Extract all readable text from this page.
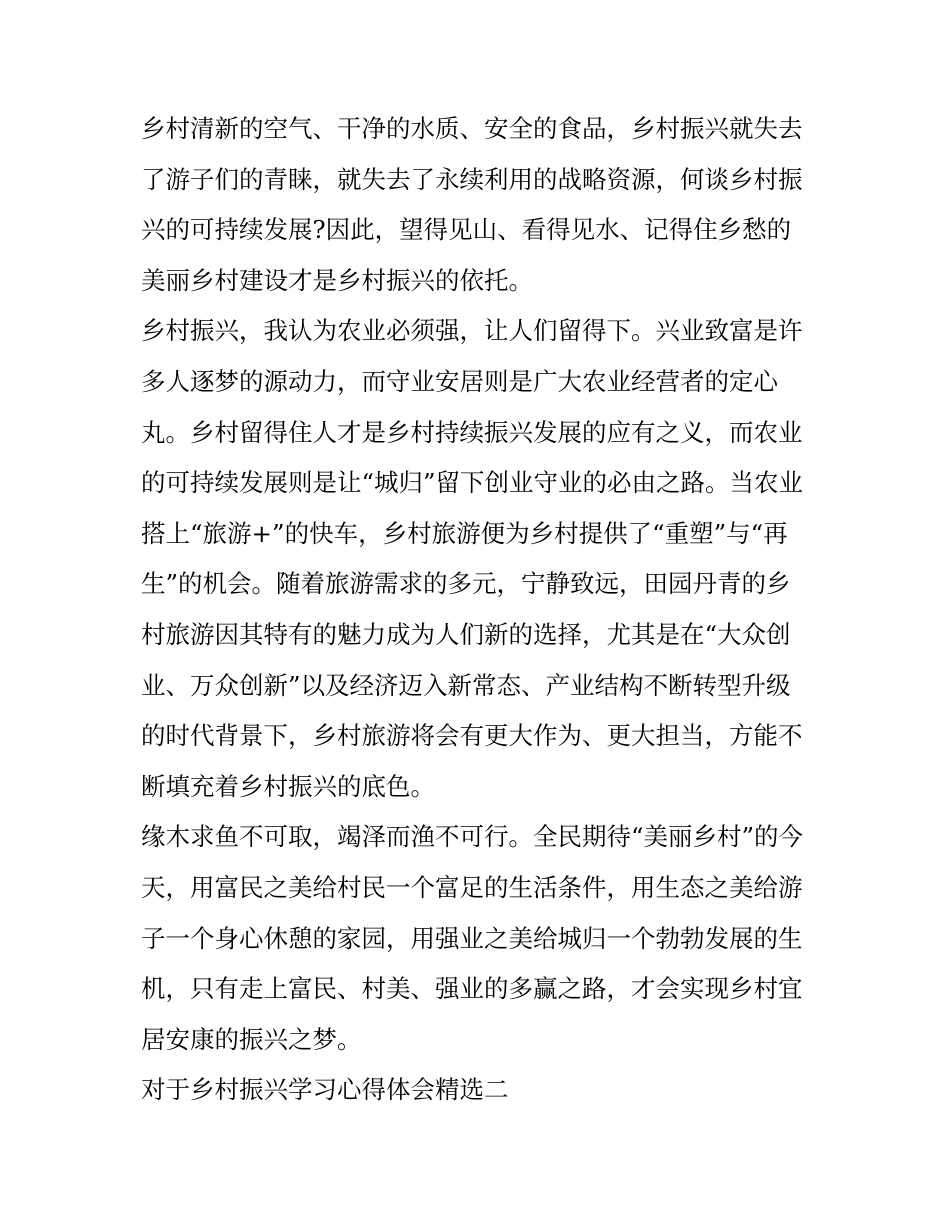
乡村清新的空气、干净的水质、安全的食品，乡村振兴就失去
了游子们的青睐，就失去了永续利用的战略资源，何谈乡村振
兴的可持续发展?因此，望得见山、看得见水、记得住乡愁的
美丽乡村建设才是乡村振兴的依托。
乡村振兴，我认为农业必须强，让人们留得下。兴业致富是许
多人逐梦的源动力，而守业安居则是广大农业经营者的定心
丸。乡村留得住人才是乡村持续振兴发展的应有之义，而农业
的可持续发展则是让“城归”留下创业守业的必由之路。当农业
搭上“旅游+”的快车，乡村旅游便为乡村提供了“重塑”与“再
生”的机会。随着旅游需求的多元，宁静致远，田园丹青的乡
村旅游因其特有的魅力成为人们新的选择，尤其是在“大众创
业、万众创新”以及经济迈入新常态、产业结构不断转型升级
的时代背景下，乡村旅游将会有更大作为、更大担当，方能不
断填充着乡村振兴的底色。
缘木求鱼不可取，竭泽而渔不可行。全民期待“美丽乡村”的今
天，用富民之美给村民一个富足的生活条件，用生态之美给游
子一个身心休憩的家园，用强业之美给城归一个勃勃发展的生
机，只有走上富民、村美、强业的多赢之路，才会实现乡村宜
居安康的振兴之梦。
对于乡村振兴学习心得体会精选二
